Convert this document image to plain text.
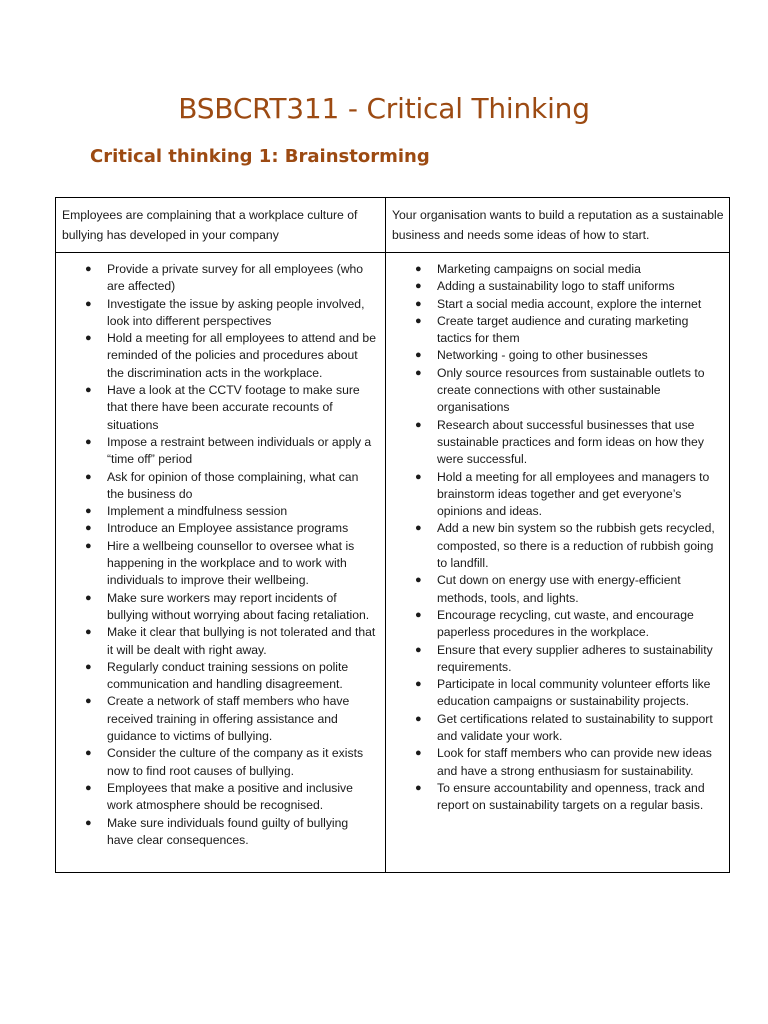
BSBCRT311 - Critical Thinking
Critical thinking 1: Brainstorming
Employees are complaining that a workplace culture of bullying has developed in your company
Your organisation wants to build a reputation as a sustainable business and needs some ideas of how to start.
● Provide a private survey for all employees (who are affected)
● Investigate the issue by asking people involved, look into different perspectives
● Hold a meeting for all employees to attend and be reminded of the policies and procedures about the discrimination acts in the workplace.
● Have a look at the CCTV footage to make sure that there have been accurate recounts of situations
● Impose a restraint between individuals or apply a “time off” period
● Ask for opinion of those complaining, what can the business do
● Implement a mindfulness session
● Introduce an Employee assistance programs
● Hire a wellbeing counsellor to oversee what is happening in the workplace and to work with individuals to improve their wellbeing.
● Make sure workers may report incidents of bullying without worrying about facing retaliation.
● Make it clear that bullying is not tolerated and that it will be dealt with right away.
● Regularly conduct training sessions on polite communication and handling disagreement.
● Create a network of staff members who have received training in offering assistance and guidance to victims of bullying.
● Consider the culture of the company as it exists now to find root causes of bullying.
● Employees that make a positive and inclusive work atmosphere should be recognised.
● Make sure individuals found guilty of bullying have clear consequences.
● Marketing campaigns on social media
● Adding a sustainability logo to staff uniforms
● Start a social media account, explore the internet
● Create target audience and curating marketing tactics for them
● Networking - going to other businesses
● Only source resources from sustainable outlets to create connections with other sustainable organisations
● Research about successful businesses that use sustainable practices and form ideas on how they were successful.
● Hold a meeting for all employees and managers to brainstorm ideas together and get everyone’s opinions and ideas.
● Add a new bin system so the rubbish gets recycled, composted, so there is a reduction of rubbish going to landfill.
● Cut down on energy use with energy-efficient methods, tools, and lights.
● Encourage recycling, cut waste, and encourage paperless procedures in the workplace.
● Ensure that every supplier adheres to sustainability requirements.
● Participate in local community volunteer efforts like education campaigns or sustainability projects.
● Get certifications related to sustainability to support and validate your work.
● Look for staff members who can provide new ideas and have a strong enthusiasm for sustainability.
● To ensure accountability and openness, track and report on sustainability targets on a regular basis.
